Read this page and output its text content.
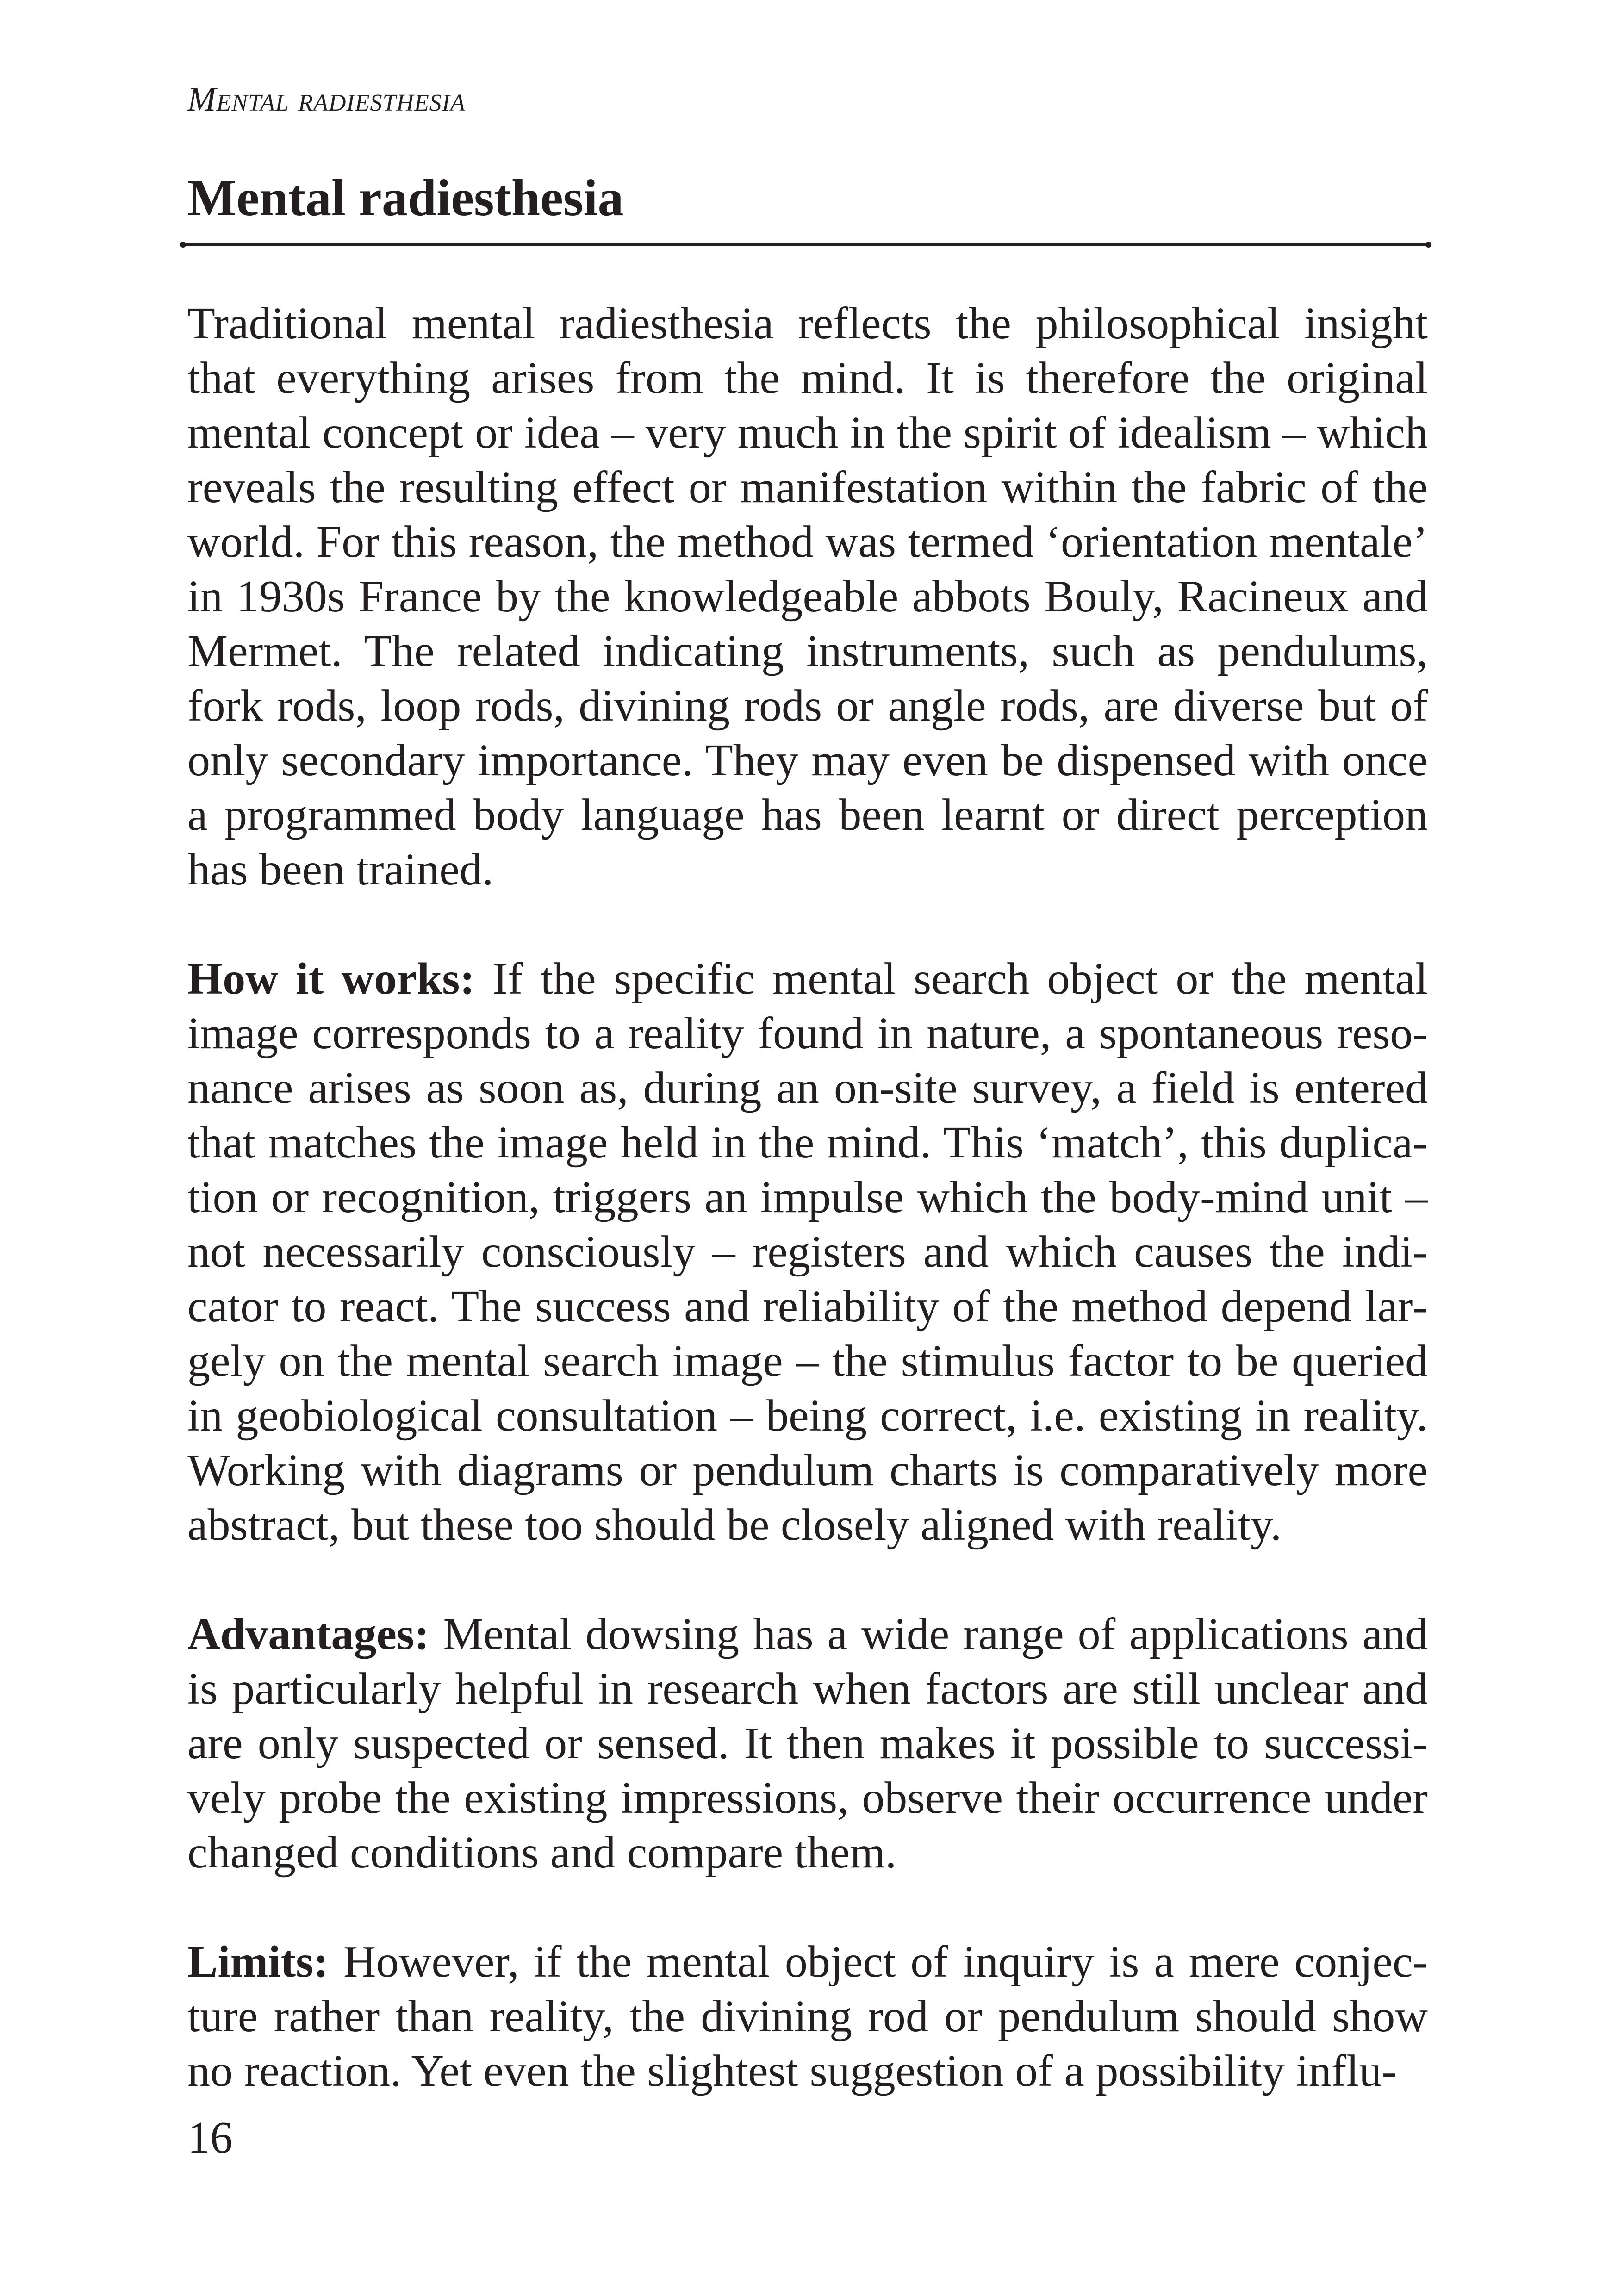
Mental radiesthesia
Mental radiesthesia

Traditional mental radiesthesia reflects the philosophical insight that everything arises from the mind. It is therefore the original mental concept or idea – very much in the spirit of idealism – which reveals the resulting effect or manifestation within the fabric of the world. For this reason, the method was termed ‘orientation mentale’ in 1930s France by the knowledgeable abbots Bouly, Racineux and Mermet. The related indicating instruments, such as pendulums, fork rods, loop rods, divining rods or angle rods, are diverse but of only secondary importance. They may even be dispensed with once a programmed body language has been learnt or direct perception has been trained.

How it works: If the specific mental search object or the mental image corresponds to a reality found in nature, a spontaneous resonance arises as soon as, during an on-site survey, a field is entered that matches the image held in the mind. This ‘match’, this duplication or recognition, triggers an impulse which the body-mind unit – not necessarily consciously – registers and which causes the indicator to react. The success and reliability of the method depend largely on the mental search image – the stimulus factor to be queried in geobiological consultation – being correct, i.e. existing in reality. Working with diagrams or pendulum charts is comparatively more abstract, but these too should be closely aligned with reality.

Advantages: Mental dowsing has a wide range of applications and is particularly helpful in research when factors are still unclear and are only suspected or sensed. It then makes it possible to successively probe the existing impressions, observe their occurrence under changed conditions and compare them.

Limits: However, if the mental object of inquiry is a mere conjecture rather than reality, the divining rod or pendulum should show no reaction. Yet even the slightest suggestion of a possibility influ-

16
